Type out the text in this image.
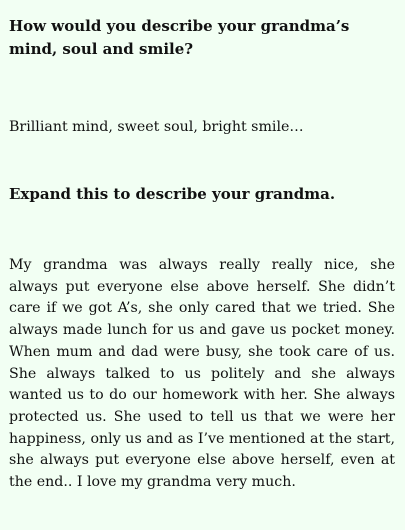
How would you describe your grandma’s mind, soul and smile?

Brilliant mind, sweet soul, bright smile…

Expand this to describe your grandma.

My grandma was always really really nice, she always put everyone else above herself. She didn’t care if we got A’s, she only cared that we tried. She always made lunch for us and gave us pocket money. When mum and dad were busy, she took care of us. She always talked to us politely and she always wanted us to do our homework with her. She always protected us. She used to tell us that we were her happiness, only us and as I’ve mentioned at the start, she always put everyone else above herself, even at the end.. I love my grandma very much.
